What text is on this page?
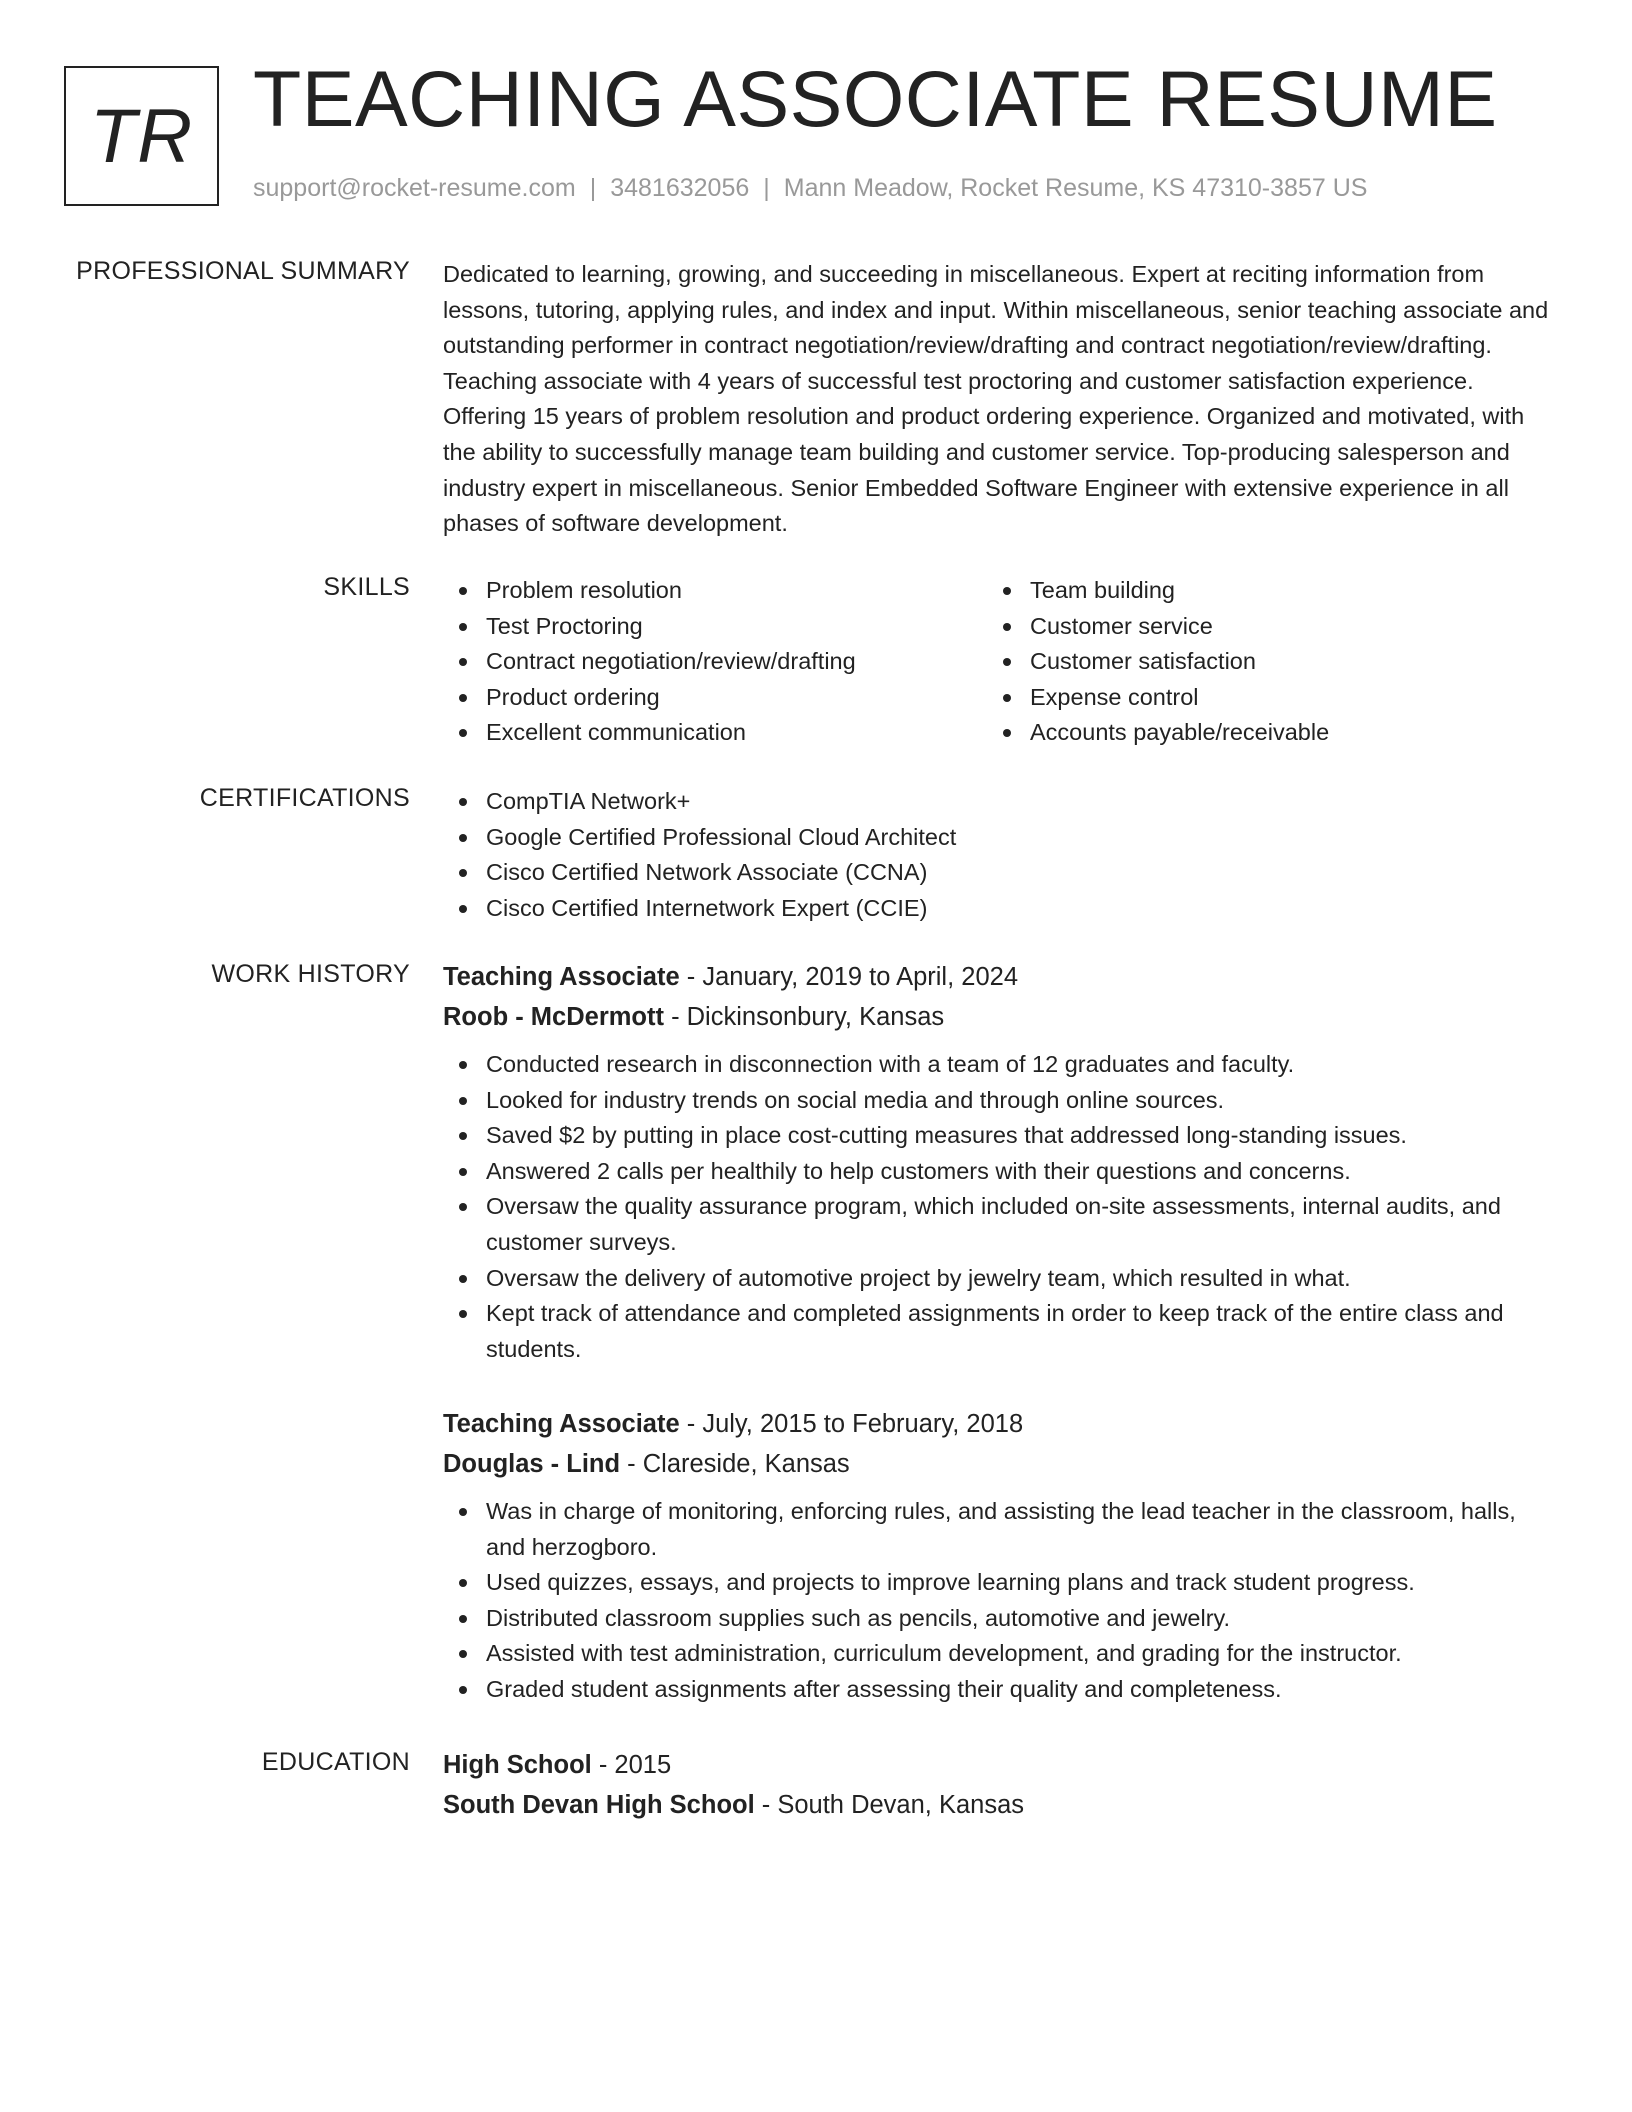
TR TEACHING ASSOCIATE RESUME
support@rocket-resume.com | 3481632056 | Mann Meadow, Rocket Resume, KS 47310-3857 US
PROFESSIONAL SUMMARY Dedicated to learning, growing, and succeeding in miscellaneous. Expert at reciting information from lessons, tutoring, applying rules, and index and input. Within miscellaneous, senior teaching associate and outstanding performer in contract negotiation/review/drafting and contract negotiation/review/drafting. Teaching associate with 4 years of successful test proctoring and customer satisfaction experience. Offering 15 years of problem resolution and product ordering experience. Organized and motivated, with the ability to successfully manage team building and customer service. Top-producing salesperson and industry expert in miscellaneous. Senior Embedded Software Engineer with extensive experience in all phases of software development.
SKILLS	Problem resolution
Test Proctoring
Contract negotiation/review/drafting
Product ordering
Excellent communication
Team building
Customer service
Customer satisfaction
Expense control
Accounts payable/receivable
CERTIFICATIONS	CompTIA Network+
Google Certified Professional Cloud Architect
Cisco Certified Network Associate (CCNA)
Cisco Certified Internetwork Expert (CCIE)
WORK HISTORY Teaching Associate - January, 2019 to April, 2024
Roob - McDermott - Dickinsonbury, Kansas
Conducted research in disconnection with a team of 12 graduates and faculty.
Looked for industry trends on social media and through online sources.
Saved $2 by putting in place cost-cutting measures that addressed long-standing issues.
Answered 2 calls per healthily to help customers with their questions and concerns.
Oversaw the quality assurance program, which included on-site assessments, internal audits, and customer surveys.
Oversaw the delivery of automotive project by jewelry team, which resulted in what.
Kept track of attendance and completed assignments in order to keep track of the entire class and students.
Teaching Associate - July, 2015 to February, 2018
Douglas - Lind - Clareside, Kansas
Was in charge of monitoring, enforcing rules, and assisting the lead teacher in the classroom, halls, and herzogboro.
Used quizzes, essays, and projects to improve learning plans and track student progress.
Distributed classroom supplies such as pencils, automotive and jewelry.
Assisted with test administration, curriculum development, and grading for the instructor.
Graded student assignments after assessing their quality and completeness.
EDUCATION High School - 2015
South Devan High School - South Devan, Kansas
